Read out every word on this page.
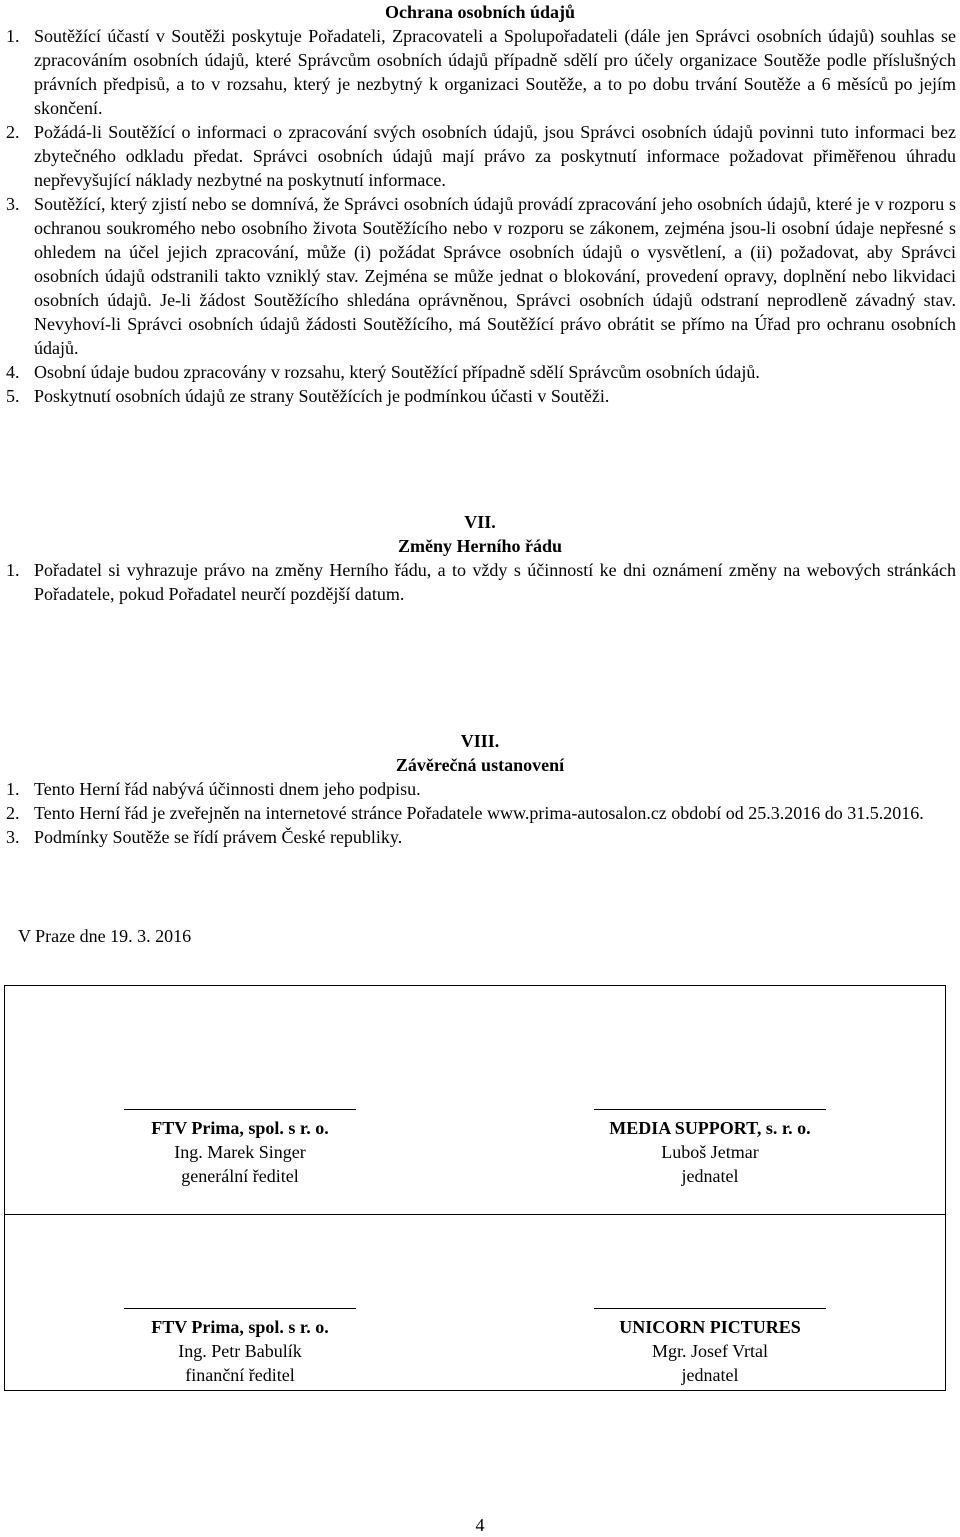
Ochrana osobních údajů

1. Soutěžící účastí v Soutěži poskytuje Pořadateli, Zpracovateli a Spolupořadateli (dále jen Správci osobních údajů) souhlas se zpracováním osobních údajů, které Správcům osobních údajů případně sdělí pro účely organizace Soutěže podle příslušných právních předpisů, a to v rozsahu, který je nezbytný k organizaci Soutěže, a to po dobu trvání Soutěže a 6 měsíců po jejím skončení.
2. Požádá-li Soutěžící o informaci o zpracování svých osobních údajů, jsou Správci osobních údajů povinni tuto informaci bez zbytečného odkladu předat. Správci osobních údajů mají právo za poskytnutí informace požadovat přiměřenou úhradu nepřevyšující náklady nezbytné na poskytnutí informace.
3. Soutěžící, který zjistí nebo se domnívá, že Správci osobních údajů provádí zpracování jeho osobních údajů, které je v rozporu s ochranou soukromého nebo osobního života Soutěžícího nebo v rozporu se zákonem, zejména jsou-li osobní údaje nepřesné s ohledem na účel jejich zpracování, může (i) požádat Správce osobních údajů o vysvětlení, a (ii) požadovat, aby Správci osobních údajů odstranili takto vzniklý stav. Zejména se může jednat o blokování, provedení opravy, doplnění nebo likvidaci osobních údajů. Je-li žádost Soutěžícího shledána oprávněnou, Správci osobních údajů odstraní neprodleně závadný stav. Nevyhoví-li Správci osobních údajů žádosti Soutěžícího, má Soutěžící právo obrátit se přímo na Úřad pro ochranu osobních údajů.
4. Osobní údaje budou zpracovány v rozsahu, který Soutěžící případně sdělí Správcům osobních údajů.
5. Poskytnutí osobních údajů ze strany Soutěžících je podmínkou účasti v Soutěži.

VII.

Změny Herního řádu

1. Pořadatel si vyhrazuje právo na změny Herního řádu, a to vždy s účinností ke dni oznámení změny na webových stránkách Pořadatele, pokud Pořadatel neurčí pozdější datum.

VIII.

Závěrečná ustanovení

1. Tento Herní řád nabývá účinnosti dnem jeho podpisu.
2. Tento Herní řád je zveřejněn na internetové stránce Pořadatele www.prima-autosalon.cz období od 25.3.2016 do 31.5.2016.
3. Podmínky Soutěže se řídí právem České republiky.
V Praze dne 19. 3. 2016
FTV Prima, spol. s r. o.
Ing. Marek Singer
generální ředitel
MEDIA SUPPORT, s. r. o.
Luboš Jetmar
jednatel
FTV Prima, spol. s r. o.
Ing. Petr Babulík
finanční ředitel
UNICORN PICTURES
Mgr. Josef Vrtal
jednatel
4
